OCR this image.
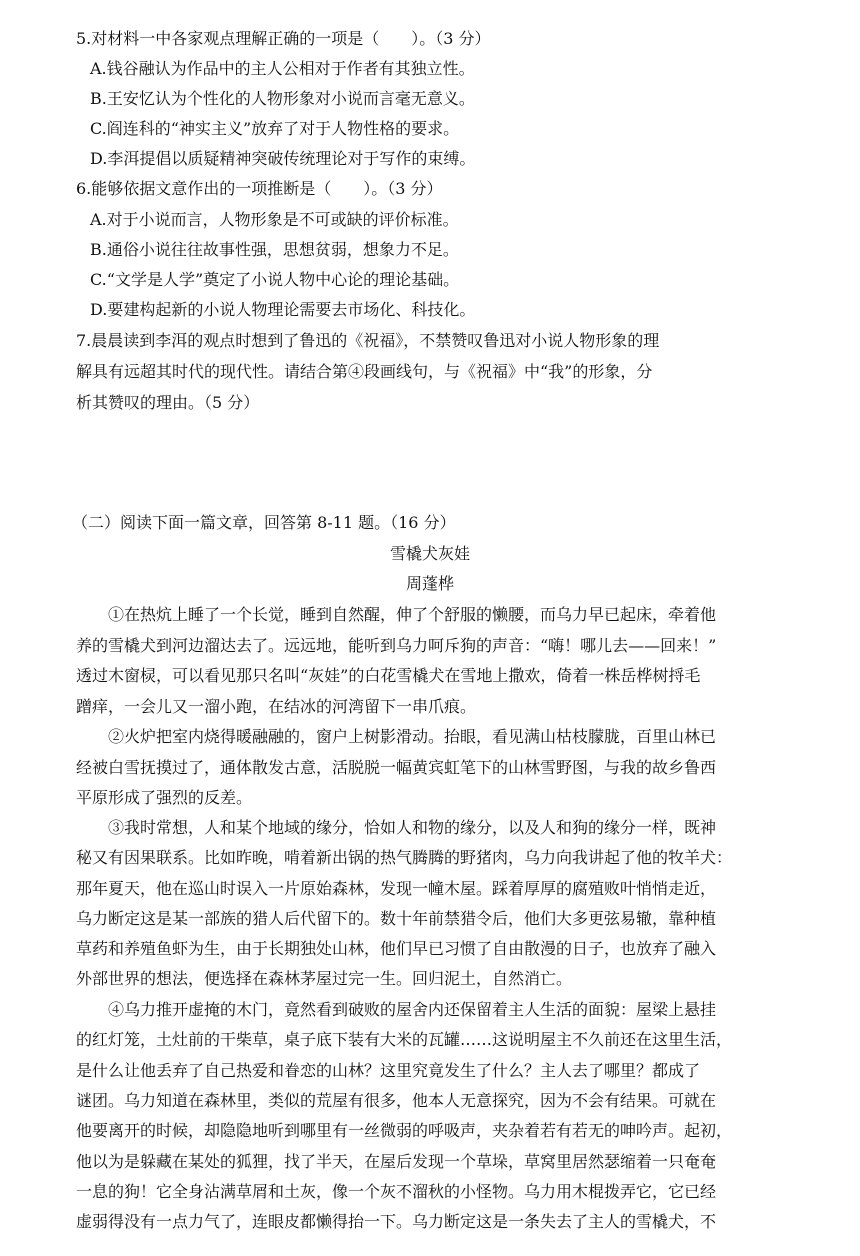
5.对材料一中各家观点理解正确的一项是（　　）。（3 分）
A.钱谷融认为作品中的主人公相对于作者有其独立性。
B.王安忆认为个性化的人物形象对小说而言毫无意义。
C.阎连科的“神实主义”放弃了对于人物性格的要求。
D.李洱提倡以质疑精神突破传统理论对于写作的束缚。
6.能够依据文意作出的一项推断是（　　）。（3 分）
A.对于小说而言，人物形象是不可或缺的评价标准。
B.通俗小说往往故事性强，思想贫弱，想象力不足。
C.“文学是人学”奠定了小说人物中心论的理论基础。
D.要建构起新的小说人物理论需要去市场化、科技化。
7.晨晨读到李洱的观点时想到了鲁迅的《祝福》，不禁赞叹鲁迅对小说人物形象的理
解具有远超其时代的现代性。请结合第④段画线句，与《祝福》中“我”的形象，分
析其赞叹的理由。（5 分）
（二）阅读下面一篇文章，回答第 8-11 题。（16 分）
雪橇犬灰娃
周蓬桦
　　①在热炕上睡了一个长觉，睡到自然醒，伸了个舒服的懒腰，而乌力早已起床，牵着他
养的雪橇犬到河边溜达去了。远远地，能听到乌力呵斥狗的声音：“嗨！哪儿去——回来！”
透过木窗棂，可以看见那只名叫“灰娃”的白花雪橇犬在雪地上撒欢，倚着一株岳桦树捋毛
蹭痒，一会儿又一溜小跑，在结冰的河湾留下一串爪痕。
　　②火炉把室内烧得暖融融的，窗户上树影滑动。抬眼，看见满山枯枝朦胧，百里山林已
经被白雪抚摸过了，通体散发古意，活脱脱一幅黄宾虹笔下的山林雪野图，与我的故乡鲁西
平原形成了强烈的反差。
　　③我时常想，人和某个地域的缘分，恰如人和物的缘分，以及人和狗的缘分一样，既神
秘又有因果联系。比如昨晚，啃着新出锅的热气腾腾的野猪肉，乌力向我讲起了他的牧羊犬：
那年夏天，他在巡山时误入一片原始森林，发现一幢木屋。踩着厚厚的腐殖败叶悄悄走近，
乌力断定这是某一部族的猎人后代留下的。数十年前禁猎令后，他们大多更弦易辙，靠种植
草药和养殖鱼虾为生，由于长期独处山林，他们早已习惯了自由散漫的日子，也放弃了融入
外部世界的想法，便选择在森林茅屋过完一生。回归泥土，自然消亡。
　　④乌力推开虚掩的木门，竟然看到破败的屋舍内还保留着主人生活的面貌：屋梁上悬挂
的红灯笼，土灶前的干柴草，桌子底下装有大米的瓦罐……这说明屋主不久前还在这里生活，
是什么让他丢弃了自己热爱和眷恋的山林？这里究竟发生了什么？主人去了哪里？都成了
谜团。乌力知道在森林里，类似的荒屋有很多，他本人无意探究，因为不会有结果。可就在
他要离开的时候，却隐隐地听到哪里有一丝微弱的呼吸声，夹杂着若有若无的呻吟声。起初，
他以为是躲藏在某处的狐狸，找了半天，在屋后发现一个草垛，草窝里居然瑟缩着一只奄奄
一息的狗！它全身沾满草屑和土灰，像一个灰不溜秋的小怪物。乌力用木棍拨弄它，它已经
虚弱得没有一点力气了，连眼皮都懒得抬一下。乌力断定这是一条失去了主人的雪橇犬，不
